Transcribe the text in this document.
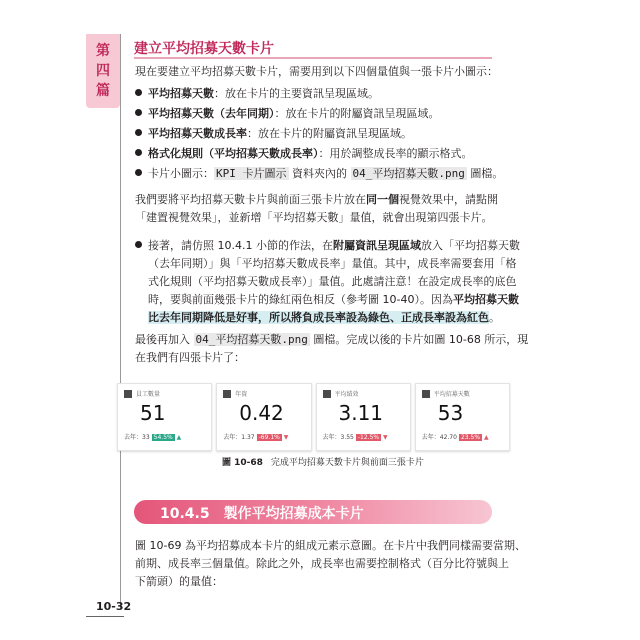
第
四
篇
建立平均招募天數卡片
現在要建立平均招募天數卡片，需要用到以下四個量值與一張卡片小圖示：
平均招募天數：放在卡片的主要資訊呈現區域。
平均招募天數（去年同期）：放在卡片的附屬資訊呈現區域。
平均招募天數成長率：放在卡片的附屬資訊呈現區域。
格式化規則（平均招募天數成長率）：用於調整成長率的顯示格式。
卡片小圖示： KPI 卡片圖示 資料夾內的 04_平均招募天數.png 圖檔。
我們要將平均招募天數卡片與前面三張卡片放在同一個視覺效果中，請點開
「建置視覺效果」，並新增「平均招募天數」量值，就會出現第四張卡片。
接著，請仿照 10.4.1 小節的作法，在附屬資訊呈現區域放入「平均招募天數
（去年同期）」與「平均招募天數成長率」量值。其中，成長率需要套用「格
式化規則（平均招募天數成長率）」量值。此處請注意！在設定成長率的底色
時，要與前面幾張卡片的綠紅兩色相反（參考圖 10-40）。因為平均招募天數
比去年同期降低是好事，所以將負成長率設為綠色、正成長率設為紅色。
最後再加入 04_平均招募天數.png 圖檔。完成以後的卡片如圖 10-68 所示，現
在我們有四張卡片了：
員工數量
51
去年：33 54.5% ▲
年資
0.42
去年：1.37 -69.1% ▼
平均績效
3.11
去年：3.55 -12.5% ▼
平均招募天數
53
去年：42.70 23.5% ▲
圖 10-68 完成平均招募天數卡片與前面三張卡片
10.4.5　製作平均招募成本卡片
圖 10-69 為平均招募成本卡片的組成元素示意圖。在卡片中我們同樣需要當期、
前期、成長率三個量值。除此之外，成長率也需要控制格式（百分比符號與上
下箭頭）的量值：
10-32
